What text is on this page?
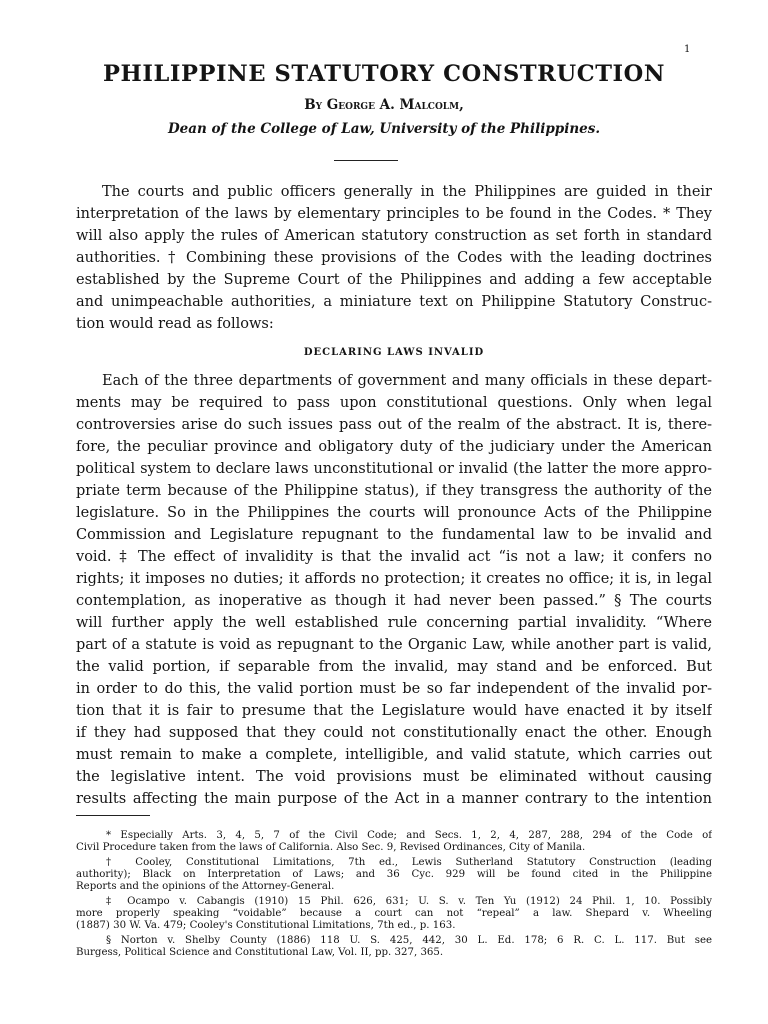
1
PHILIPPINE STATUTORY CONSTRUCTION
By George A. Malcolm,
Dean of the College of Law, University of the Philippines.
The courts and public officers generally in the Philippines are guided in their
interpretation of the laws by elementary principles to be found in the Codes. * They
will also apply the rules of American statutory construction as set forth in standard
authorities. † Combining these provisions of the Codes with the leading doctrines
established by the Supreme Court of the Philippines and adding a few acceptable
and unimpeachable authorities, a miniature text on Philippine Statutory Construc-
tion would read as follows:
DECLARING LAWS INVALID
Each of the three departments of government and many officials in these depart-
ments may be required to pass upon constitutional questions. Only when legal
controversies arise do such issues pass out of the realm of the abstract. It is, there-
fore, the peculiar province and obligatory duty of the judiciary under the American
political system to declare laws unconstitutional or invalid (the latter the more appro-
priate term because of the Philippine status), if they transgress the authority of the
legislature. So in the Philippines the courts will pronounce Acts of the Philippine
Commission and Legislature repugnant to the fundamental law to be invalid and
void. ‡ The effect of invalidity is that the invalid act “is not a law; it confers no
rights; it imposes no duties; it affords no protection; it creates no office; it is, in legal
contemplation, as inoperative as though it had never been passed.” § The courts
will further apply the well established rule concerning partial invalidity. “Where
part of a statute is void as repugnant to the Organic Law, while another part is valid,
the valid portion, if separable from the invalid, may stand and be enforced. But
in order to do this, the valid portion must be so far independent of the invalid por-
tion that it is fair to presume that the Legislature would have enacted it by itself
if they had supposed that they could not constitutionally enact the other. Enough
must remain to make a complete, intelligible, and valid statute, which carries out
the legislative intent. The void provisions must be eliminated without causing
results affecting the main purpose of the Act in a manner contrary to the intention
* Especially Arts. 3, 4, 5, 7 of the Civil Code; and Secs. 1, 2, 4, 287, 288, 294 of the Code of
Civil Procedure taken from the laws of California. Also Sec. 9, Revised Ordinances, City of Manila.
† Cooley, Constitutional Limitations, 7th ed., Lewis Sutherland Statutory Construction (leading
authority); Black on Interpretation of Laws; and 36 Cyc. 929 will be found cited in the Philippine
Reports and the opinions of the Attorney-General.
‡ Ocampo v. Cabangis (1910) 15 Phil. 626, 631; U. S. v. Ten Yu (1912) 24 Phil. 1, 10. Possibly
more properly speaking “voidable” because a court can not “repeal” a law. Shepard v. Wheeling
(1887) 30 W. Va. 479; Cooley's Constitutional Limitations, 7th ed., p. 163.
§ Norton v. Shelby County (1886) 118 U. S. 425, 442, 30 L. Ed. 178; 6 R. C. L. 117. But see
Burgess, Political Science and Constitutional Law, Vol. II, pp. 327, 365.
